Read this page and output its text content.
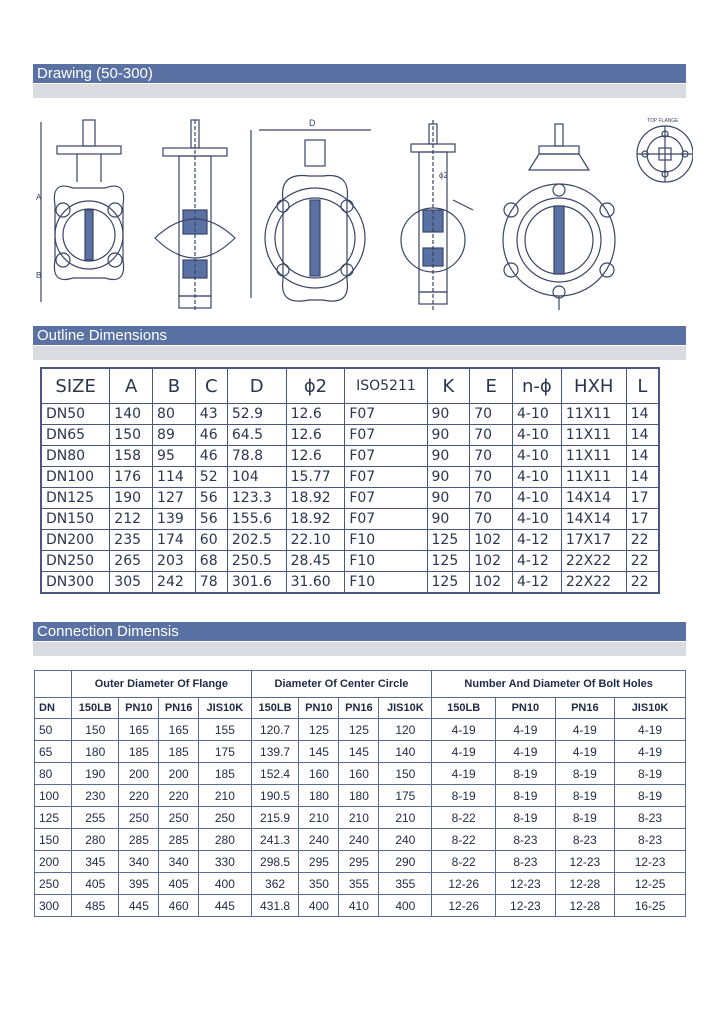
Drawing (50-300)
A
B
D
ϕ2
TOP FLANGE
Outline Dimensions
SIZE	A	B	C	D	ϕ2	ISO5211	K	E	n-ϕ	HXH	L
DN50	140	80	43	52.9	12.6	F07	90	70	4-10	11X11	14
DN65	150	89	46	64.5	12.6	F07	90	70	4-10	11X11	14
DN80	158	95	46	78.8	12.6	F07	90	70	4-10	11X11	14
DN100	176	114	52	104	15.77	F07	90	70	4-10	11X11	14
DN125	190	127	56	123.3	18.92	F07	90	70	4-10	14X14	17
DN150	212	139	56	155.6	18.92	F07	90	70	4-10	14X14	17
DN200	235	174	60	202.5	22.10	F10	125	102	4-12	17X17	22
DN250	265	203	68	250.5	28.45	F10	125	102	4-12	22X22	22
DN300	305	242	78	301.6	31.60	F10	125	102	4-12	22X22	22
Connection Dimensis
	Outer Diameter Of Flange				Diameter Of Center Circle				Number And Diameter Of Bolt Holes			
DN	150LB	PN10	PN16	JIS10K	150LB	PN10	PN16	JIS10K	150LB	PN10	PN16	JIS10K
50	150	165	165	155	120.7	125	125	120	4-19	4-19	4-19	4-19
65	180	185	185	175	139.7	145	145	140	4-19	4-19	4-19	4-19
80	190	200	200	185	152.4	160	160	150	4-19	8-19	8-19	8-19
100	230	220	220	210	190.5	180	180	175	8-19	8-19	8-19	8-19
125	255	250	250	250	215.9	210	210	210	8-22	8-19	8-19	8-23
150	280	285	285	280	241.3	240	240	240	8-22	8-23	8-23	8-23
200	345	340	340	330	298.5	295	295	290	8-22	8-23	12-23	12-23
250	405	395	405	400	362	350	355	355	12-26	12-23	12-28	12-25
300	485	445	460	445	431.8	400	410	400	12-26	12-23	12-28	16-25
